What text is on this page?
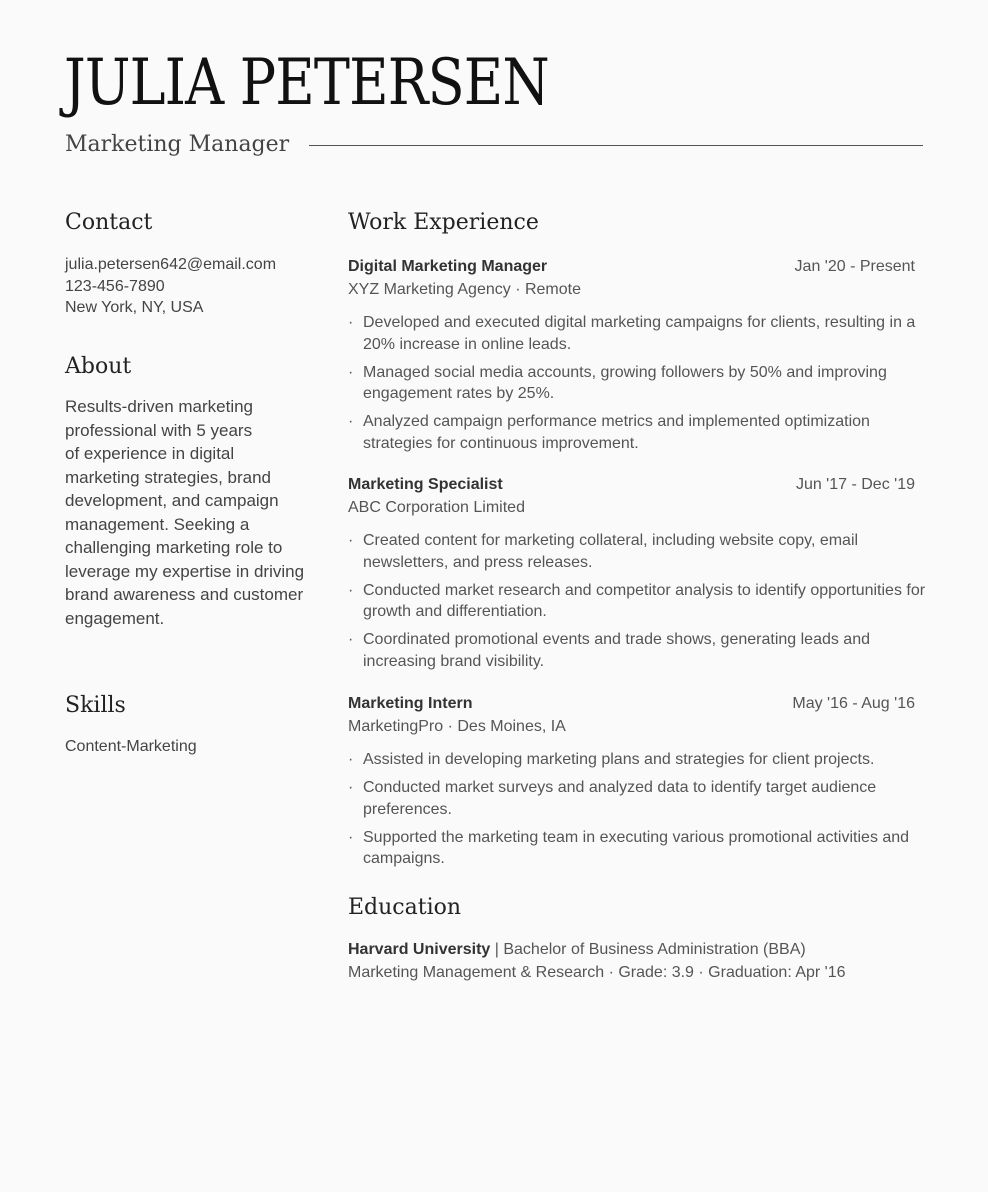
JULIA PETERSEN
Marketing Manager
Contact
julia.petersen642@email.com
123-456-7890
New York, NY, USA
About
Results-driven marketing
professional with 5 years
of experience in digital
marketing strategies, brand
development, and campaign
management. Seeking a
challenging marketing role to
leverage my expertise in driving
brand awareness and customer
engagement.
Skills
Content-Marketing
Work Experience
Digital Marketing Manager	Jan '20 - Present
XYZ Marketing Agency · Remote
· Developed and executed digital marketing campaigns for clients, resulting in a 20% increase in online leads.
· Managed social media accounts, growing followers by 50% and improving engagement rates by 25%.
· Analyzed campaign performance metrics and implemented optimization strategies for continuous improvement.
Marketing Specialist	Jun '17 - Dec '19
ABC Corporation Limited
· Created content for marketing collateral, including website copy, email newsletters, and press releases.
· Conducted market research and competitor analysis to identify opportunities for growth and differentiation.
· Coordinated promotional events and trade shows, generating leads and increasing brand visibility.
Marketing Intern	May '16 - Aug '16
MarketingPro · Des Moines, IA
· Assisted in developing marketing plans and strategies for client projects.
· Conducted market surveys and analyzed data to identify target audience preferences.
· Supported the marketing team in executing various promotional activities and campaigns.
Education
Harvard University | Bachelor of Business Administration (BBA)
Marketing Management & Research · Grade: 3.9 · Graduation: Apr '16
